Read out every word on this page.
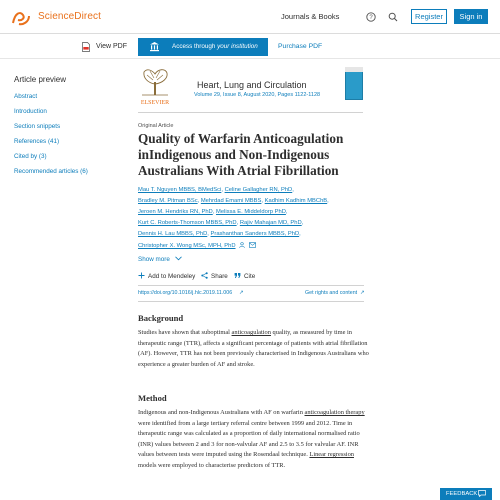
ScienceDirect	Journals & Books	?	Register	Sign in
View PDF	Access through your institution	Purchase PDF
Article preview
Abstract
Introduction
Section snippets
References (41)
Cited by (3)
Recommended articles (6)
ELSEVIER
Heart, Lung and Circulation
Volume 29, Issue 8, August 2020, Pages 1122-1128
Original Article
Quality of Warfarin Anticoagulation inIndigenous and Non-Indigenous Australians With Atrial Fibrillation
Mau T. Nguyen MBBS, BMedSci, Celine Gallagher RN, PhD,
Bradley M. Pitman BSc, Mehrdad Emami MBBS, Kadhim Kadhim MBChB,
Jeroen M. Hendriks RN, PhD, Melissa E. Middeldorp PhD,
Kurt C. Roberts-Thomson MBBS, PhD, Rajiv Mahajan MD, PhD,
Dennis H. Lau MBBS, PhD, Prashanthan Sanders MBBS, PhD,
Christopher X. Wong MSc, MPH, PhD
Show more
Add to Mendeley	Share	Cite
https://doi.org/10.1016/j.hlc.2019.11.006 ↗	Get rights and content ↗
Background

Studies have shown that suboptimal anticoagulation quality, as measured by time in therapeutic range (TTR), affects a significant percentage of patients with atrial fibrillation (AF). However, TTR has not been previously characterised in Indigenous Australians who experience a greater burden of AF and stroke.

Method

Indigenous and non-Indigenous Australians with AF on warfarin anticoagulation therapy were identified from a large tertiary referral centre between 1999 and 2012. Time in therapeutic range was calculated as a proportion of daily international normalised ratio (INR) values between 2 and 3 for non-valvular AF and 2.5 to 3.5 for valvular AF. INR values between tests were imputed using the Rosendaal technique. Linear regression models were employed to characterise predictors of TTR.

FEEDBACK
